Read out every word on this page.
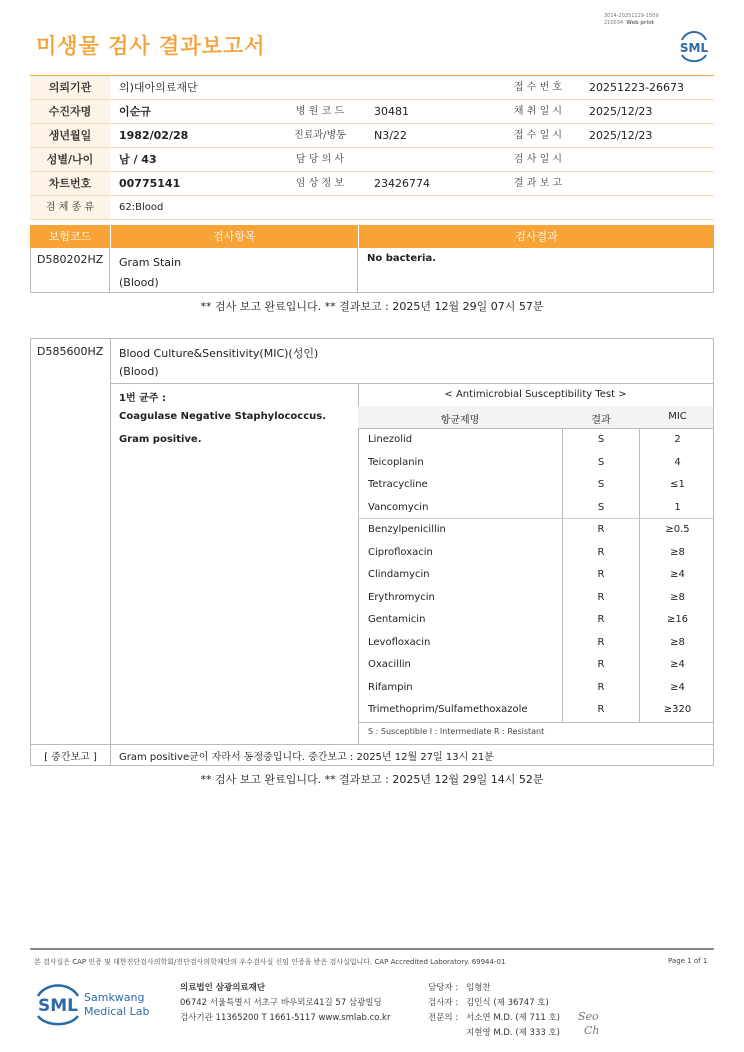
미생물 검사 결과보고서
3014-20251229-1509
210034 Web print
SML
의뢰기관	의)대아의료재단	접 수 번 호	20251223-26673
수진자명	이순규	병 원 코 드	30481	채 취 일 시	2025/12/23
생년월일	1982/02/28	진료과/병동	N3/22	접 수 일 시	2025/12/23
성별/나이	남 / 43	담 당 의 사	검 사 일 시
차트번호	00775141	임 상 정 보	23426774	결 과 보 고
검 체 종 류	62:Blood
보험코드	검사항목	검사결과
D580202HZ	Gram Stain
(Blood)
No bacteria.
** 검사 보고 완료입니다. ** 결과보고 : 2025년 12월 29일 07시 57분
D585600HZ Blood Culture&Sensitivity(MIC)(성인)
(Blood)
1번 균주 :
Coagulase Negative Staphylococcus.
Gram positive.
< Antimicrobial Susceptibility Test >
항균제명	결과	MIC
Linezolid	S	2
Teicoplanin	S	4
Tetracycline	S	≤1
Vancomycin	S	1
Benzylpenicillin	R	≥0.5
Ciprofloxacin	R	≥8
Clindamycin	R	≥4
Erythromycin	R	≥8
Gentamicin	R	≥16
Levofloxacin	R	≥8
Oxacillin	R	≥4
Rifampin	R	≥4
Trimethoprim/Sulfamethoxazole	R	≥320
S : Susceptible I : Intermediate R : Resistant
[ 중간보고 ]	Gram positive균이 자라서 동정중입니다. 중간보고 : 2025년 12월 27일 13시 21분
** 검사 보고 완료입니다. ** 결과보고 : 2025년 12월 29일 14시 52분
본 검사실은 CAP 인증 및 대한진단검사의학회/진단검사의학재단의 우수검사실 신임 인증을 받은 검사실입니다. CAP Accredited Laboratory. 69944-01	Page 1 of 1
SML Samkwang
Medical Lab
의료법인 삼광의료재단
06742 서울특별시 서초구 바우뫼로41길 57 삼광빌딩
검사기관 11365200 T 1661-5117 www.smlab.co.kr
담당자 : 임형찬
검사자 : 김민식 (제 36747 호)
전문의 : 서소연 M.D. (제 711 호)
지현영 M.D. (제 333 호)
Seo
Ch
